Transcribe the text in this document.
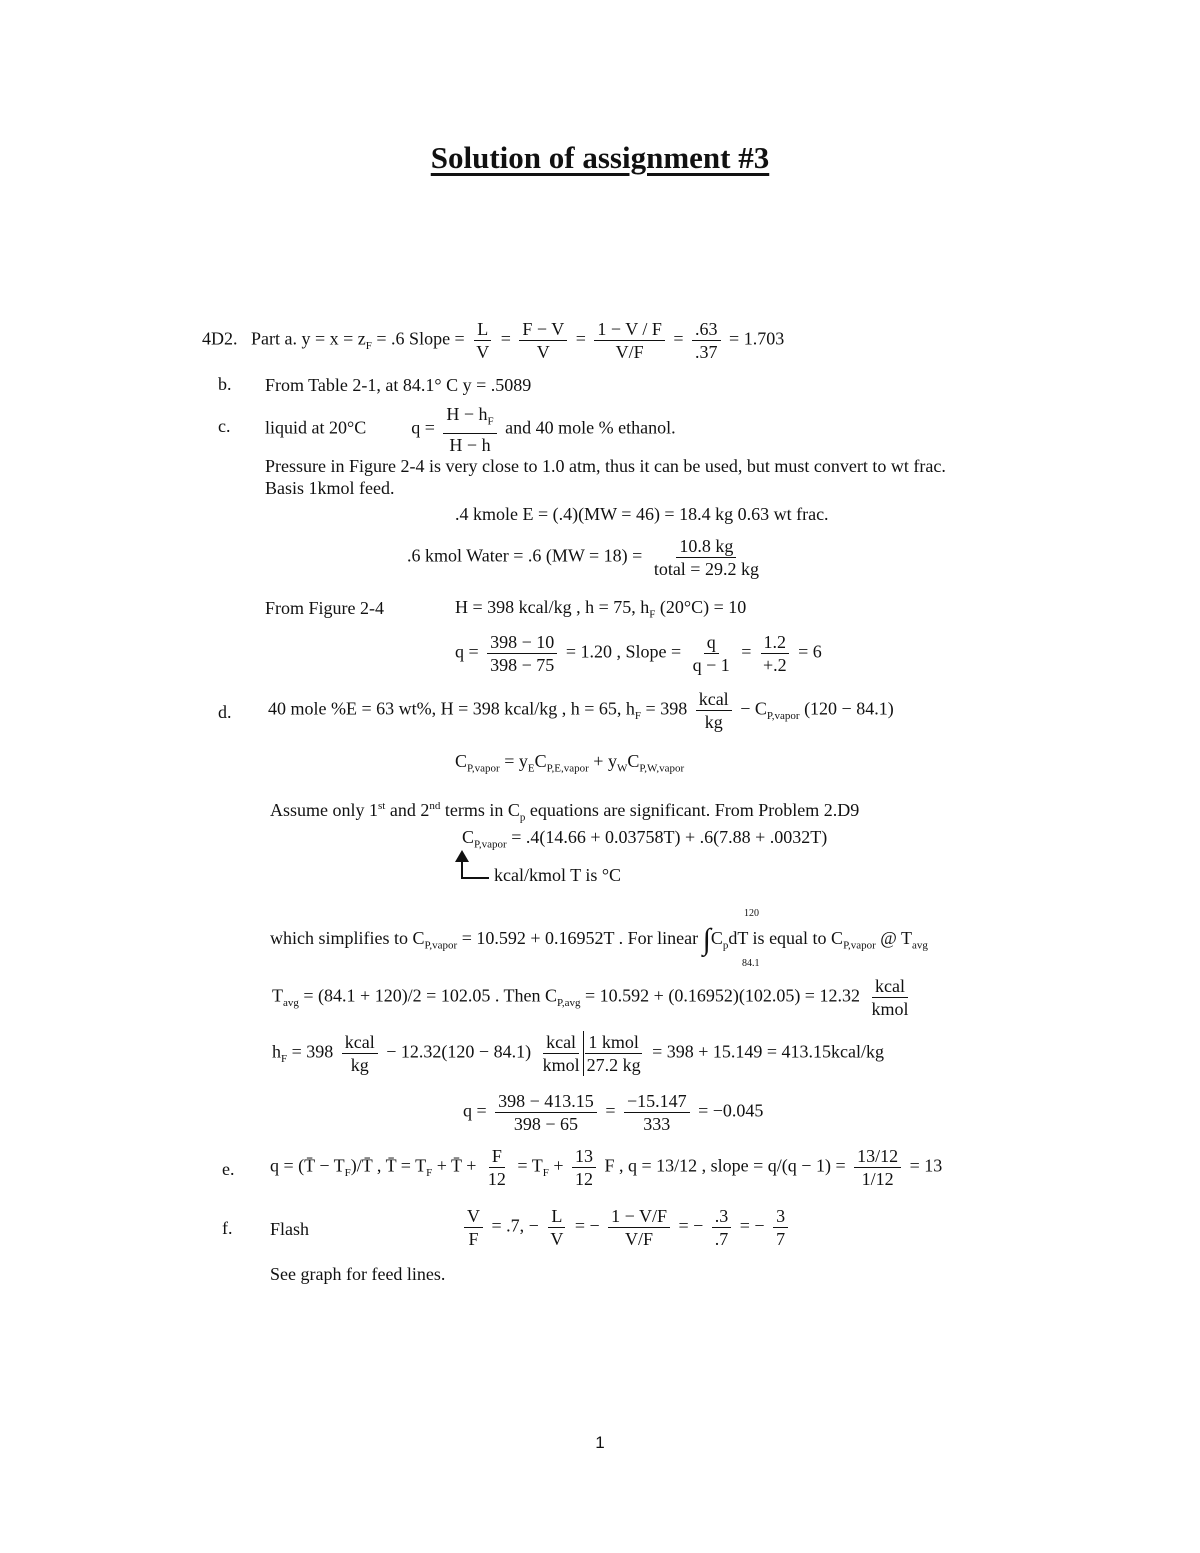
Solution of assignment #3
4D2. Part a. $y = x = z_F = .6$ Slope = $\frac{L}{V} = \frac{F - V}{V} = \frac{1 - V / F}{V/F} = \frac{.63}{.37} = 1.703$
b. From Table 2-1, at 84.1° C y = .5089
c. liquid at 20°C	$q = \frac{H - h_F}{H - h}$ and 40 mole % ethanol.
Pressure in Figure 2-4 is very close to 1.0 atm, thus it can be used, but must convert to wt frac.
Basis 1kmol feed.
.4 kmole E = (.4)(MW = 46) = 18.4 kg 0.63 wt frac.
.6 kmol Water = .6 $(MW = 18) = \frac{10.8 kg}{\text{total = 29.2 kg}}$
From Figure 2-4	H = 398 kcal/kg , h = 75, $h_F$ (20°C) = 10
$q = \frac{398 - 10}{398 - 75} = 1.20$ , Slope = $\frac{q}{q - 1} = \frac{1.2}{+.2} = 6$
d. 40 mole %E = 63 wt%, H = 398 kcal/kg , h = 65, $h_F = 398 \frac{\text{kcal}}{kg} - C_{P,vapor}$ (120 − 84.1)
$C_{P,vapor} = y_EC_{P,E,vapor} + y_WC_{P,W,vapor}$
Assume only 1st and 2nd terms in $C_p$ equations are significant. From Problem 2.D9
$C_{P,vapor} = .4(14.66 + 0.03758T) + .6(7.88 + .0032T)$
kcal/kmol T is °C
which simplifies to $C_{P,vapor} = 10.592 + 0.16952T$ . For linear $\int C_pdT$ is equal to $C_{P,vapor}$ @ $T_{avg}$
120
84.1
$T_{avg} = (84.1 + 120)/2 = 102.05$ . Then $C_{P,avg} = 10.592 + (0.16952)(102.05) = 12.32 \frac{\text{kcal}}{\text{kmol}}$
$h_F = 398 \frac{\text{kcal}}{kg} - 12.32(120 - 84.1) \frac{\text{kcal}}{\text{kmol}} \frac{\text{1 kmol}}{27.2 kg} = 398 + 15.149$ = 413.15kcal/kg
$q = \frac{398 - 413.15}{398 - 65} = \frac{-15.147}{333} = -0.045$
e. q = (T̄ − $T_F)/T̄$ , T̄ = $T_F$ + T̄ + $\frac{F}{12} = T_F + \frac{13}{12}$ F , q = 13/12 , slope = $q/(q - 1) = \frac{13/12}{1/12} = 13$
f. Flash	$\frac{V}{F} = .7$, − $\frac{L}{V}$ = − $\frac{1 - V/F}{V/F}$ = − $\frac{.3}{.7}$ = − $\frac{3}{7}$
See graph for feed lines.
1
